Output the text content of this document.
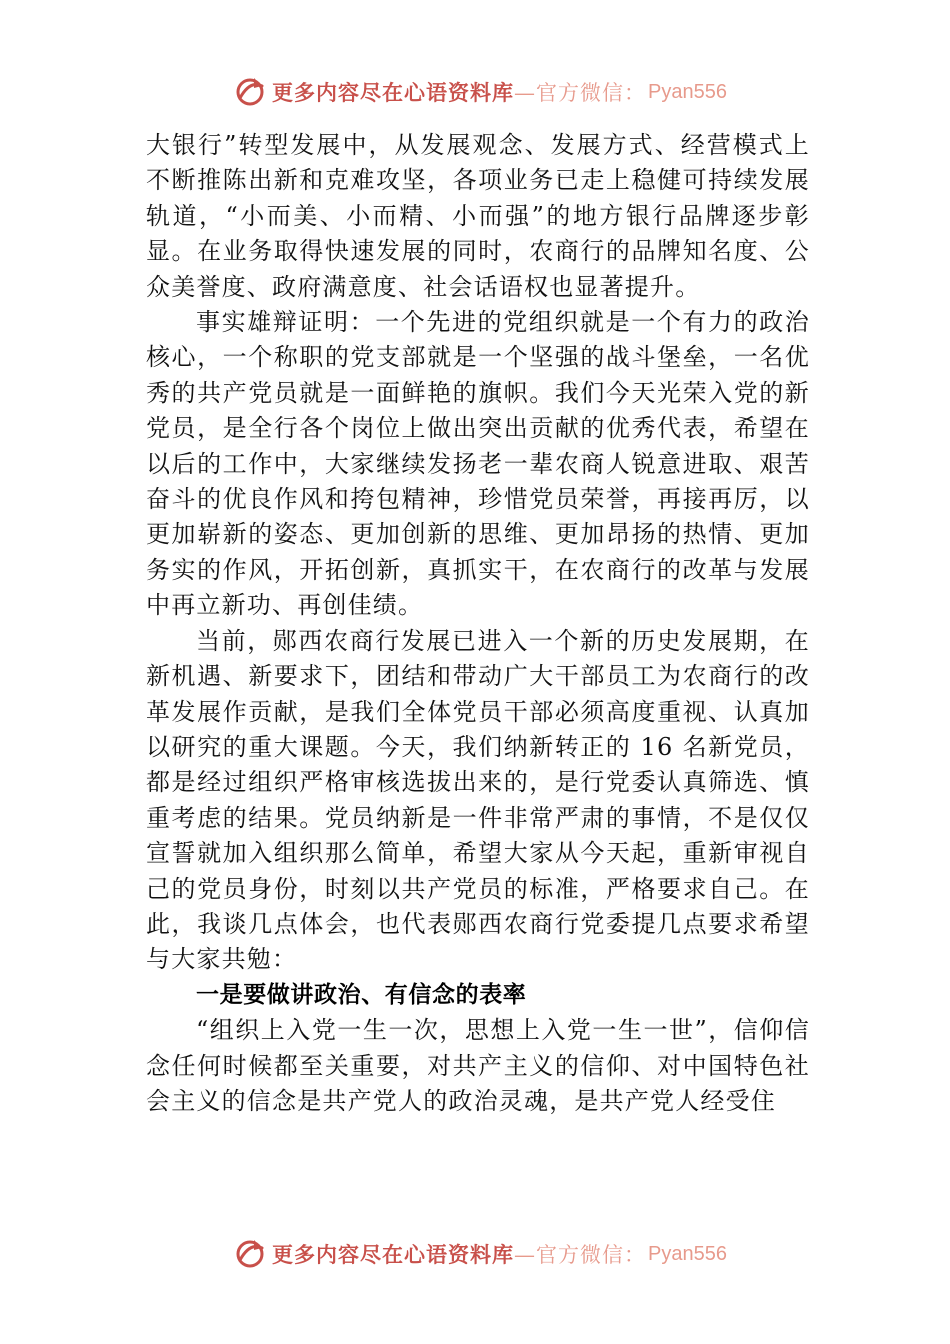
更多内容尽在心语资料库 —官方微信： Pyan556

大银行”转型发展中，从发展观念、发展方式、经营模式上不断推陈出新和克难攻坚，各项业务已走上稳健可持续发展轨道，“小而美、小而精、小而强”的地方银行品牌逐步彰显。在业务取得快速发展的同时，农商行的品牌知名度、公众美誉度、政府满意度、社会话语权也显著提升。

事实雄辩证明：一个先进的党组织就是一个有力的政治核心，一个称职的党支部就是一个坚强的战斗堡垒，一名优秀的共产党员就是一面鲜艳的旗帜。我们今天光荣入党的新党员，是全行各个岗位上做出突出贡献的优秀代表，希望在以后的工作中，大家继续发扬老一辈农商人锐意进取、艰苦奋斗的优良作风和挎包精神，珍惜党员荣誉，再接再厉，以更加崭新的姿态、更加创新的思维、更加昂扬的热情、更加务实的作风，开拓创新，真抓实干，在农商行的改革与发展中再立新功、再创佳绩。

当前，郧西农商行发展已进入一个新的历史发展期，在新机遇、新要求下，团结和带动广大干部员工为农商行的改革发展作贡献，是我们全体党员干部必须高度重视、认真加以研究的重大课题。今天，我们纳新转正的 16 名新党员，都是经过组织严格审核选拔出来的，是行党委认真筛选、慎重考虑的结果。党员纳新是一件非常严肃的事情，不是仅仅宣誓就加入组织那么简单，希望大家从今天起，重新审视自己的党员身份，时刻以共产党员的标准，严格要求自己。在此，我谈几点体会，也代表郧西农商行党委提几点要求希望与大家共勉：

一是要做讲政治、有信念的表率

“组织上入党一生一次，思想上入党一生一世”，信仰信念任何时候都至关重要，对共产主义的信仰、对中国特色社会主义的信念是共产党人的政治灵魂，是共产党人经受住

更多内容尽在心语资料库 —官方微信： Pyan556
